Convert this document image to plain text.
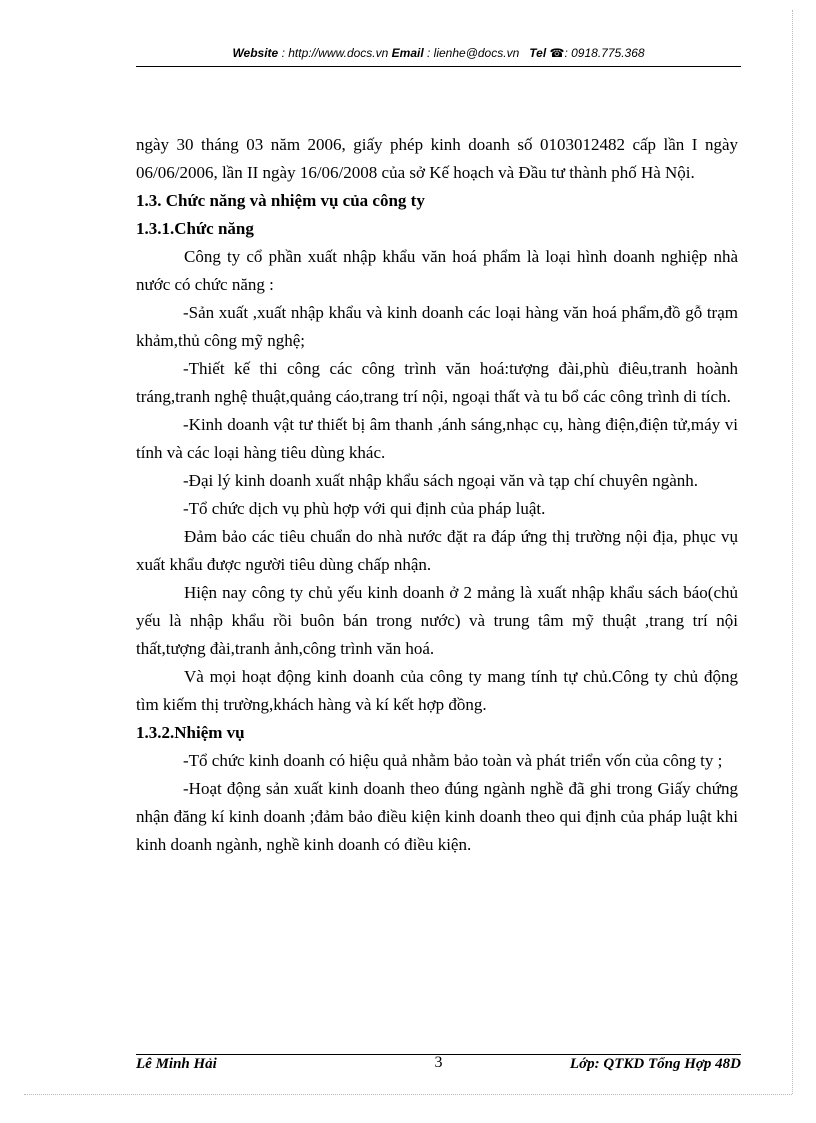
Website : http://www.docs.vn Email : lienhe@docs.vn Tel ☎: 0918.775.368

ngày 30 tháng 03 năm 2006, giấy phép kinh doanh số 0103012482 cấp lần I ngày 06/06/2006, lần II ngày 16/06/2008 của sở Kế hoạch và Đầu tư thành phố Hà Nội.

1.3. Chức năng và nhiệm vụ của công ty

1.3.1.Chức năng

Công ty cổ phần xuất nhập khẩu văn hoá phẩm là loại hình doanh nghiệp nhà nước có chức năng :

-Sản xuất ,xuất nhập khẩu và kinh doanh các loại hàng văn hoá phẩm,đồ gỗ trạm khảm,thủ công mỹ nghệ;

-Thiết kế thi công các công trình văn hoá:tượng đài,phù điêu,tranh hoành tráng,tranh nghệ thuật,quảng cáo,trang trí nội, ngoại thất và tu bổ các công trình di tích.

-Kinh doanh vật tư thiết bị âm thanh ,ánh sáng,nhạc cụ, hàng điện,điện tử,máy vi tính và các loại hàng tiêu dùng khác.

-Đại lý kinh doanh xuất nhập khẩu sách ngoại văn và tạp chí chuyên ngành.

-Tổ chức dịch vụ phù hợp với qui định của pháp luật.

Đảm bảo các tiêu chuẩn do nhà nước đặt ra đáp ứng thị trường nội địa, phục vụ xuất khẩu được người tiêu dùng chấp nhận.

Hiện nay công ty chủ yếu kinh doanh ở 2 mảng là xuất nhập khẩu sách báo(chủ yếu là nhập khẩu rồi buôn bán trong nước) và trung tâm mỹ thuật ,trang trí nội thất,tượng đài,tranh ảnh,công trình văn hoá.

Và mọi hoạt động kinh doanh của công ty mang tính tự chủ.Công ty chủ động tìm kiếm thị trường,khách hàng và kí kết hợp đồng.

1.3.2.Nhiệm vụ

-Tổ chức kinh doanh có hiệu quả nhằm bảo toàn và phát triển vốn của công ty ;

-Hoạt động sản xuất kinh doanh theo đúng ngành nghề đã ghi trong Giấy chứng nhận đăng kí kinh doanh ;đảm bảo điều kiện kinh doanh theo qui định của pháp luật khi kinh doanh ngành, nghề kinh doanh có điều kiện.

Lê Minh Hải	3	Lớp: QTKD Tổng Hợp 48D
